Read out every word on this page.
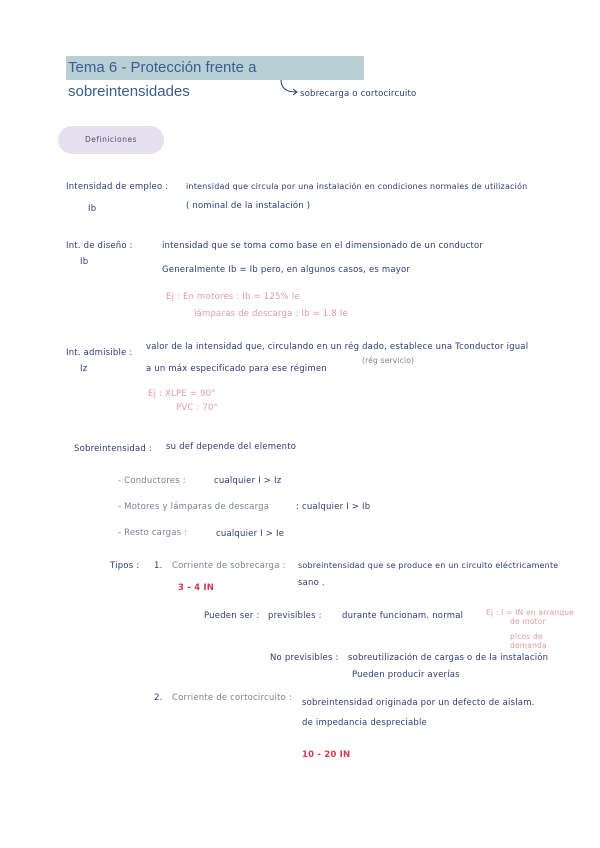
Tema 6 - Protección frente a sobreintensidades	sobrecarga o cortocircuito
Definiciones
Intensidad de empleo :
Ib
intensidad que circula por una instalación en condiciones normales de utilización
( nominal de la instalación )
Int. de diseño :
Ib
intensidad que se toma como base en el dimensionado de un conductor
Generalmente Ib = Ib pero, en algunos casos, es mayor
Ej : En motores : Ib = 125% Ie
lámparas de descarga : Ib = 1.8 Ie
Int. admisible :
Iz
valor de la intensidad que, circulando en un rég dado, establece una Tconductor igual
a un máx especificado para ese régimen
(rég servicio)
Ej : XLPE = 90°
PVC : 70°
Sobreintensidad : su def depende del elemento
- Conductores :	cualquier I > Iz
- Motores y lámparas de descarga	: cualquier I > Ib
- Resto cargas :	cualquier I > Ie
Tipos : 1. Corriente de sobrecarga : sobreintensidad que se produce en un circuito eléctricamente
sano .
3 - 4 IN
Pueden ser : previsibles : durante funcionam. normal	Ej : I = IN en arranque
de motor
picos de
demanda
No previsibles : sobreutilización de cargas o de la instalación
Pueden producir averías
2. Corriente de cortocircuito : sobreintensidad originada por un defecto de aislam.
de impedancia despreciable
10 - 20 IN
